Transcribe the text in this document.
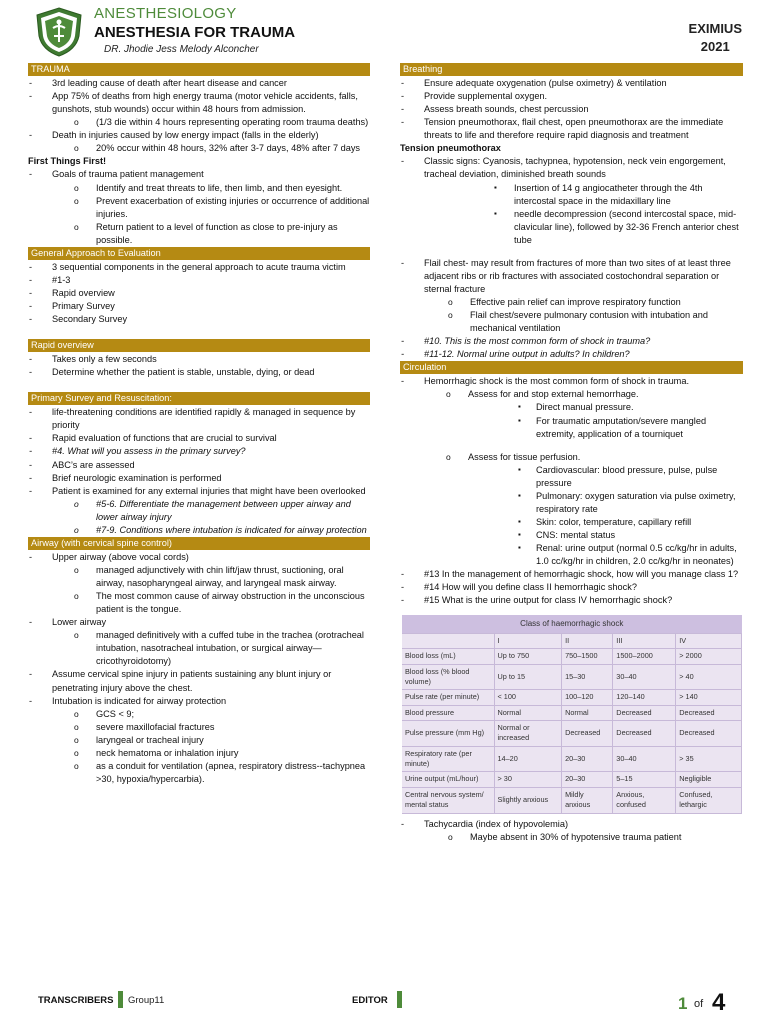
ANESTHESIOLOGY
ANESTHESIA FOR TRAUMA
DR. Jhodie Jess Melody Alconcher
EXIMIUS
2021
TRAUMA
- 3rd leading cause of death after heart disease and cancer
- App 75% of deaths from high energy trauma (motor vehicle accidents, falls, gunshots, stub wounds) occur within 48 hours from admission.
o (1/3 die within 4 hours representing operating room trauma deaths)
- Death in injuries caused by low energy impact (falls in the elderly)
o 20% occur within 48 hours, 32% after 3-7 days, 48% after 7 days
First Things First!
- Goals of trauma patient management
o Identify and treat threats to life, then limb, and then eyesight.
o Prevent exacerbation of existing injuries or occurrence of additional injuries.
o Return patient to a level of function as close to pre-injury as possible.
General Approach to Evaluation
- 3 sequential components in the general approach to acute trauma victim
- #1-3
- Rapid overview
- Primary Survey
- Secondary Survey
Rapid overview
- Takes only a few seconds
- Determine whether the patient is stable, unstable, dying, or dead
Primary Survey and Resuscitation:
- life-threatening conditions are identified rapidly & managed in sequence by priority
- Rapid evaluation of functions that are crucial to survival
- #4. What will you assess in the primary survey?
- ABC’s are assessed
- Brief neurologic examination is performed
- Patient is examined for any external injuries that might have been overlooked
o #5-6. Differentiate the management between upper airway and lower airway injury
o #7-9. Conditions where intubation is indicated for airway protection
Airway (with cervical spine control)
- Upper airway (above vocal cords)
o managed adjunctively with chin lift/jaw thrust, suctioning, oral airway, nasopharyngeal airway, and laryngeal mask airway.
o The most common cause of airway obstruction in the unconscious patient is the tongue.
- Lower airway
o managed definitively with a cuffed tube in the trachea (orotracheal intubation, nasotracheal intubation, or surgical airway—cricothyroidotomy)
- Assume cervical spine injury in patients sustaining any blunt injury or penetrating injury above the chest.
- Intubation is indicated for airway protection
o GCS < 9;
o severe maxillofacial fractures
o laryngeal or tracheal injury
o neck hematoma or inhalation injury
o as a conduit for ventilation (apnea, respiratory distress--tachypnea >30, hypoxia/hypercarbia).
Breathing
- Ensure adequate oxygenation (pulse oximetry) & ventilation
- Provide supplemental oxygen.
- Assess breath sounds, chest percussion
- Tension pneumothorax, flail chest, open pneumothorax are the immediate threats to life and therefore require rapid diagnosis and treatment
Tension pneumothorax
- Classic signs: Cyanosis, tachypnea, hypotension, neck vein engorgement, tracheal deviation, diminished breath sounds
▪ Insertion of 14 g angiocatheter through the 4th intercostal space in the midaxillary line
▪ needle decompression (second intercostal space, mid-clavicular line), followed by 32-36 French anterior chest tube
- Flail chest- may result from fractures of more than two sites of at least three adjacent ribs or rib fractures with associated costochondral separation or sternal fracture
o Effective pain relief can improve respiratory function
o Flail chest/severe pulmonary contusion with intubation and mechanical ventilation
- #10. This is the most common form of shock in trauma?
- #11-12. Normal urine output in adults? In children?
Circulation
- Hemorrhagic shock is the most common form of shock in trauma.
o Assess for and stop external hemorrhage.
▪ Direct manual pressure.
▪ For traumatic amputation/severe mangled extremity, application of a tourniquet
o Assess for tissue perfusion.
▪ Cardiovascular: blood pressure, pulse, pulse pressure
▪ Pulmonary: oxygen saturation via pulse oximetry, respiratory rate
▪ Skin: color, temperature, capillary refill
▪ CNS: mental status
▪ Renal: urine output (normal 0.5 cc/kg/hr in adults, 1.0 cc/kg/hr in children, 2.0 cc/kg/hr in neonates)
- #13 In the management of hemorrhagic shock, how will you manage class 1?
- #14 How will you define class II hemorrhagic shock?
- #15 What is the urine output for class IV hemorrhagic shock?
Class of haemorrhagic shock				
	I	II	III	IV
Blood loss (mL)	Up to 750	750–1500	1500–2000	> 2000
Blood loss (% blood volume)	Up to 15	15–30	30–40	> 40
Pulse rate (per minute)	< 100	100–120	120–140	> 140
Blood pressure	Normal	Normal	Decreased	Decreased
Pulse pressure (mm Hg)	Normal or increased	Decreased	Decreased	Decreased
Respiratory rate (per minute)	14–20	20–30	30–40	> 35
Urine output (mL/hour)	> 30	20–30	5–15	Negligible
Central nervous system/ mental status	Slightly anxious	Mildly anxious	Anxious, confused	Confused, lethargic
- Tachycardia (index of hypovolemia)
o Maybe absent in 30% of hypotensive trauma patient
TRANSCRIBERS Group11	EDITOR	1 of 4
